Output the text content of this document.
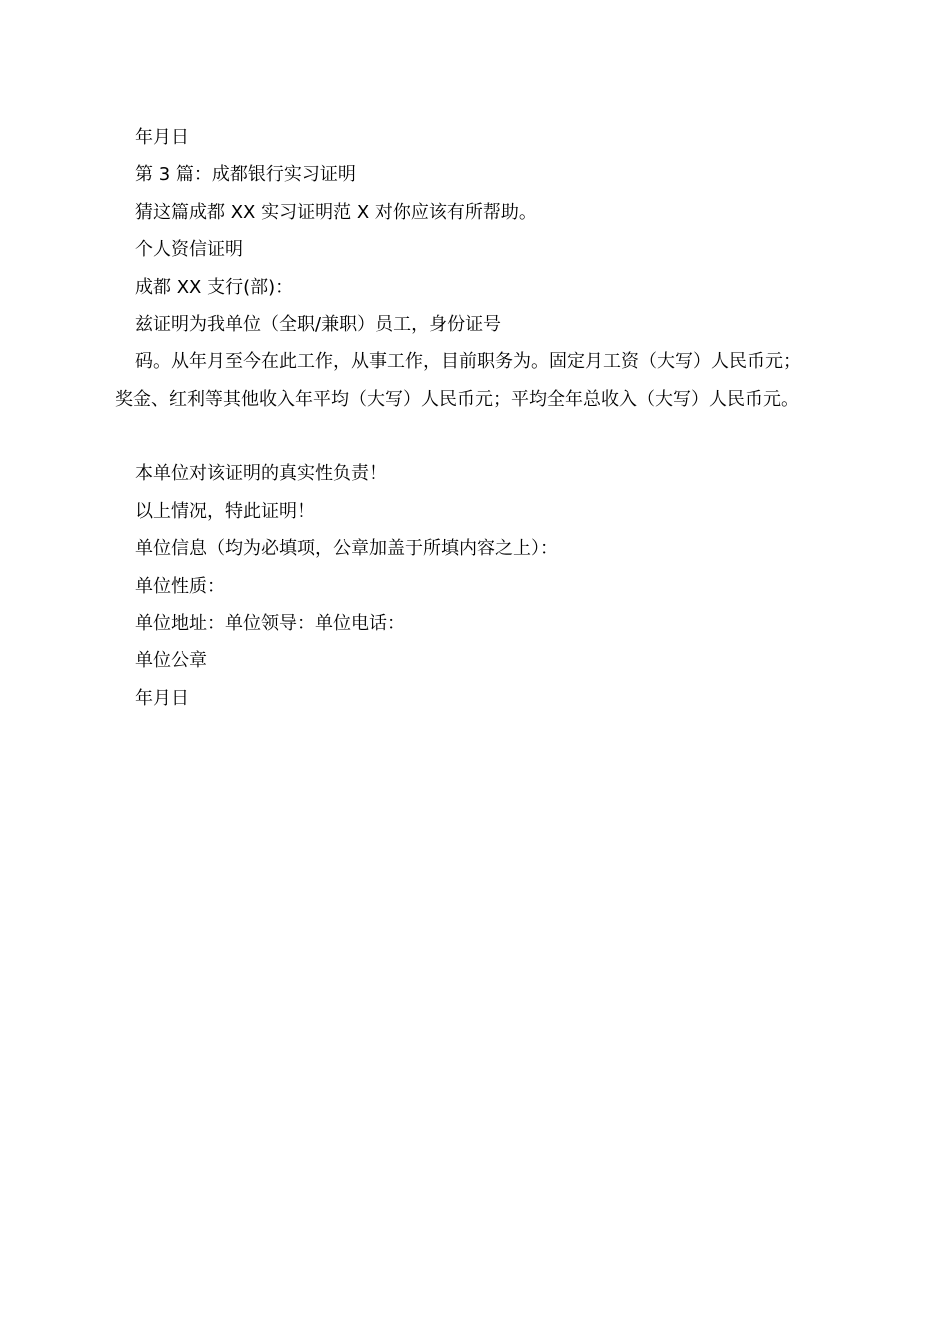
年月日
第 3 篇：成都银行实习证明
猜这篇成都 XX 实习证明范 X 对你应该有所帮助。
个人资信证明
成都 XX 支行(部)：
兹证明为我单位（全职/兼职）员工，身份证号
码。从年月至今在此工作，从事工作，目前职务为。固定月工资（大写）人民币元；
奖金、红利等其他收入年平均（大写）人民币元；平均全年总收入（大写）人民币元。
本单位对该证明的真实性负责！
以上情况，特此证明！
单位信息（均为必填项，公章加盖于所填内容之上）：
单位性质：
单位地址：单位领导：单位电话：
单位公章
年月日
